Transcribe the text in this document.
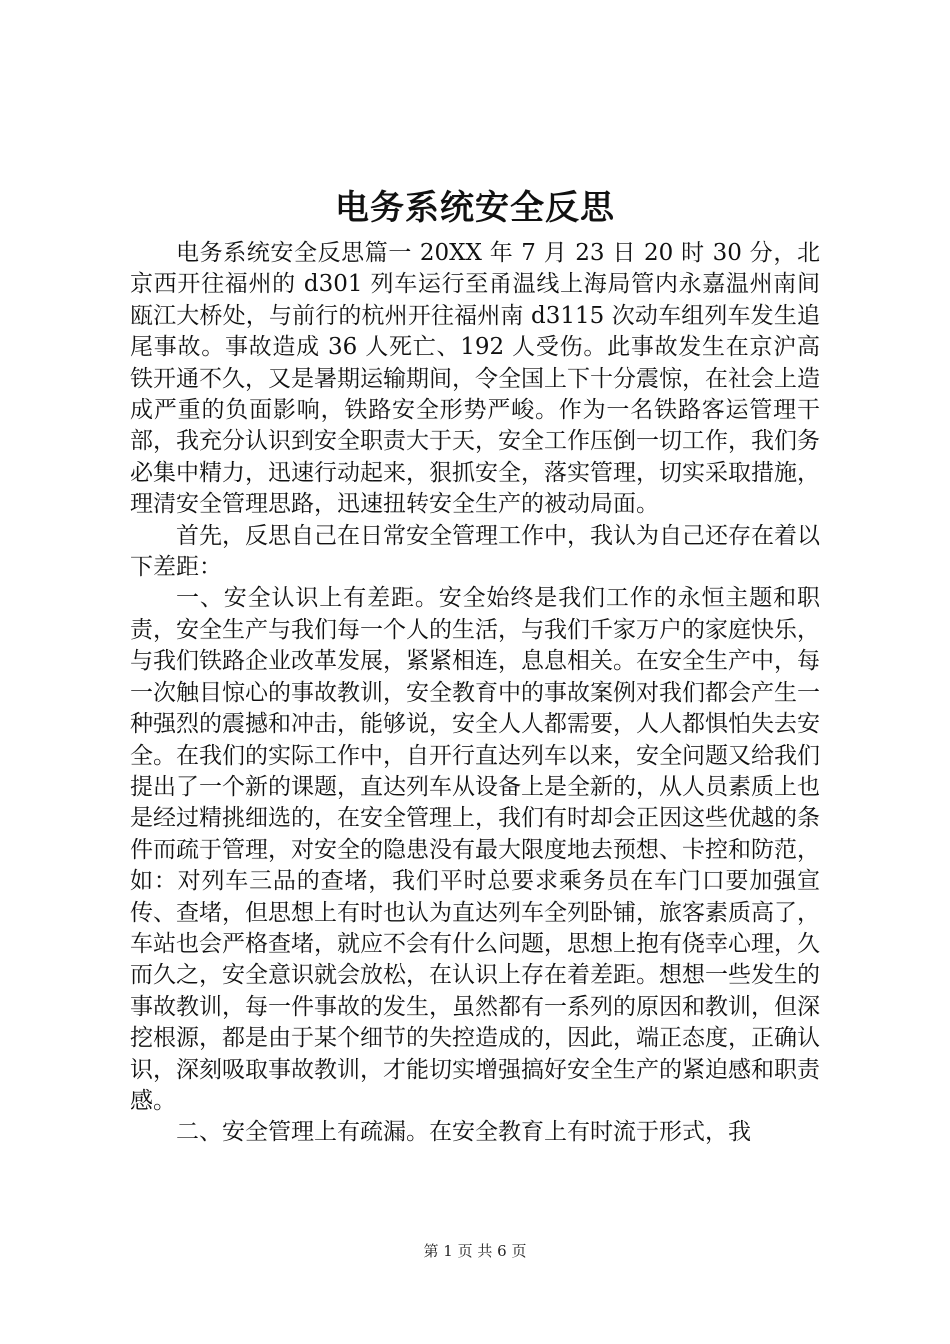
电务系统安全反思

电务系统安全反思篇一 20XX 年 7 月 23 日 20 时 30 分，北京西开往福州的 d301 列车运行至甬温线上海局管内永嘉温州南间瓯江大桥处，与前行的杭州开往福州南 d3115 次动车组列车发生追尾事故。事故造成 36 人死亡、192 人受伤。此事故发生在京沪高铁开通不久，又是暑期运输期间，令全国上下十分震惊，在社会上造成严重的负面影响，铁路安全形势严峻。作为一名铁路客运管理干部，我充分认识到安全职责大于天，安全工作压倒一切工作，我们务必集中精力，迅速行动起来，狠抓安全，落实管理，切实采取措施，理清安全管理思路，迅速扭转安全生产的被动局面。

首先，反思自己在日常安全管理工作中，我认为自己还存在着以下差距：

一、安全认识上有差距。安全始终是我们工作的永恒主题和职责，安全生产与我们每一个人的生活，与我们千家万户的家庭快乐，与我们铁路企业改革发展，紧紧相连，息息相关。在安全生产中，每一次触目惊心的事故教训，安全教育中的事故案例对我们都会产生一种强烈的震撼和冲击，能够说，安全人人都需要，人人都惧怕失去安全。在我们的实际工作中，自开行直达列车以来，安全问题又给我们提出了一个新的课题，直达列车从设备上是全新的，从人员素质上也是经过精挑细选的，在安全管理上，我们有时却会正因这些优越的条件而疏于管理，对安全的隐患没有最大限度地去预想、卡控和防范，如：对列车三品的查堵，我们平时总要求乘务员在车门口要加强宣传、查堵，但思想上有时也认为直达列车全列卧铺，旅客素质高了，车站也会严格查堵，就应不会有什么问题，思想上抱有侥幸心理，久而久之，安全意识就会放松，在认识上存在着差距。想想一些发生的事故教训，每一件事故的发生，虽然都有一系列的原因和教训，但深挖根源，都是由于某个细节的失控造成的，因此，端正态度，正确认识，深刻吸取事故教训，才能切实增强搞好安全生产的紧迫感和职责感。

二、安全管理上有疏漏。在安全教育上有时流于形式，我

第 1 页 共 6 页
